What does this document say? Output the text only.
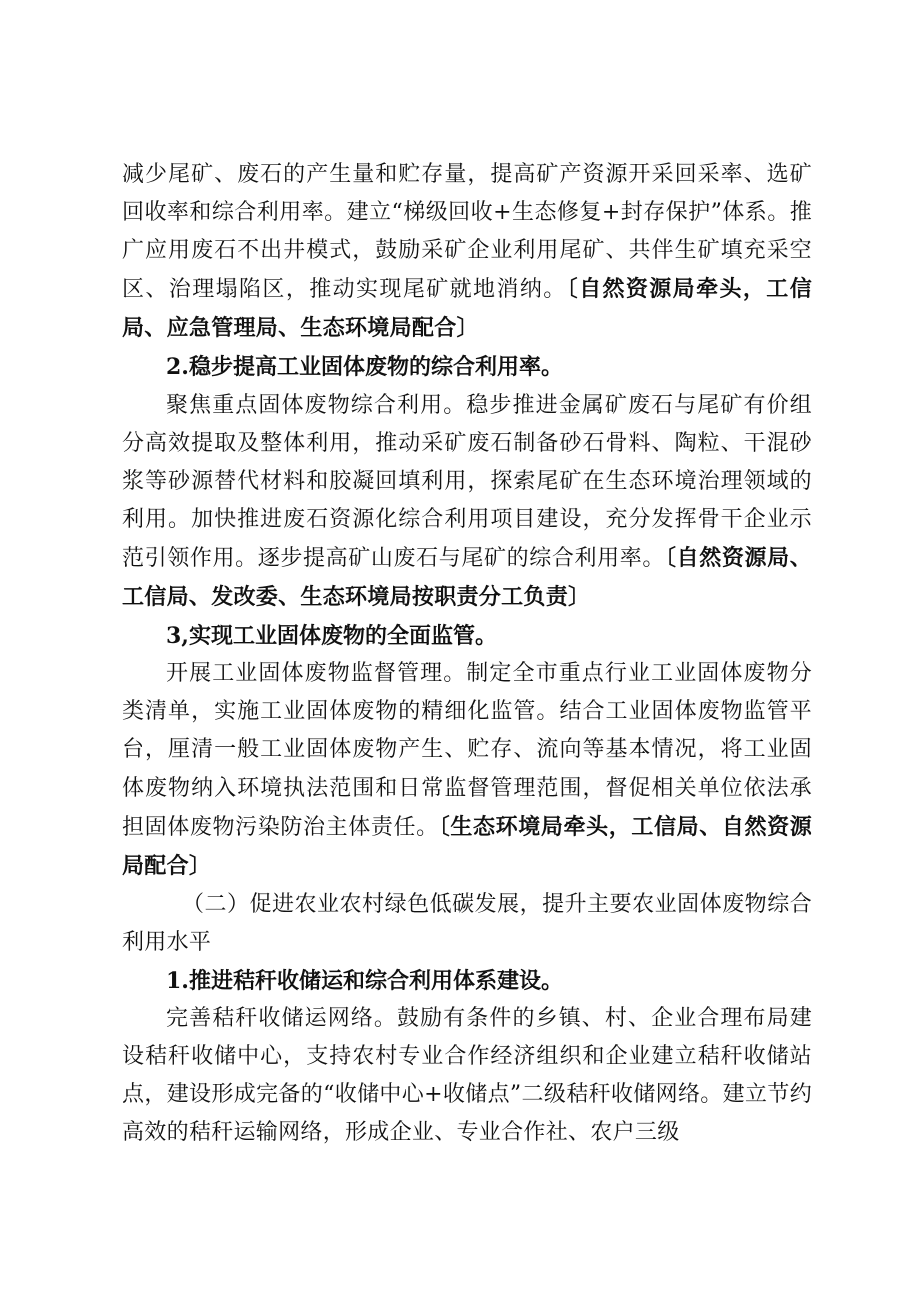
减少尾矿、废石的产生量和贮存量，提高矿产资源开采回采率、选矿回收率和综合利用率。建立“梯级回收+生态修复+封存保护”体系。推广应用废石不出井模式，鼓励采矿企业利用尾矿、共伴生矿填充采空区、治理塌陷区，推动实现尾矿就地消纳。〔自然资源局牵头，工信局、应急管理局、生态环境局配合〕

2.稳步提高工业固体废物的综合利用率。

聚焦重点固体废物综合利用。稳步推进金属矿废石与尾矿有价组分高效提取及整体利用，推动采矿废石制备砂石骨料、陶粒、干混砂浆等砂源替代材料和胶凝回填利用，探索尾矿在生态环境治理领域的利用。加快推进废石资源化综合利用项目建设，充分发挥骨干企业示范引领作用。逐步提高矿山废石与尾矿的综合利用率。〔自然资源局、工信局、发改委、生态环境局按职责分工负责〕

3,实现工业固体废物的全面监管。

开展工业固体废物监督管理。制定全市重点行业工业固体废物分类清单，实施工业固体废物的精细化监管。结合工业固体废物监管平台，厘清一般工业固体废物产生、贮存、流向等基本情况，将工业固体废物纳入环境执法范围和日常监督管理范围，督促相关单位依法承担固体废物污染防治主体责任。〔生态环境局牵头，工信局、自然资源局配合〕

（二）促进农业农村绿色低碳发展，提升主要农业固体废物综合利用水平

1.推进秸秆收储运和综合利用体系建设。

完善秸秆收储运网络。鼓励有条件的乡镇、村、企业合理布局建设秸秆收储中心，支持农村专业合作经济组织和企业建立秸秆收储站点，建设形成完备的“收储中心+收储点”二级秸秆收储网络。建立节约高效的秸秆运输网络，形成企业、专业合作社、农户三级
